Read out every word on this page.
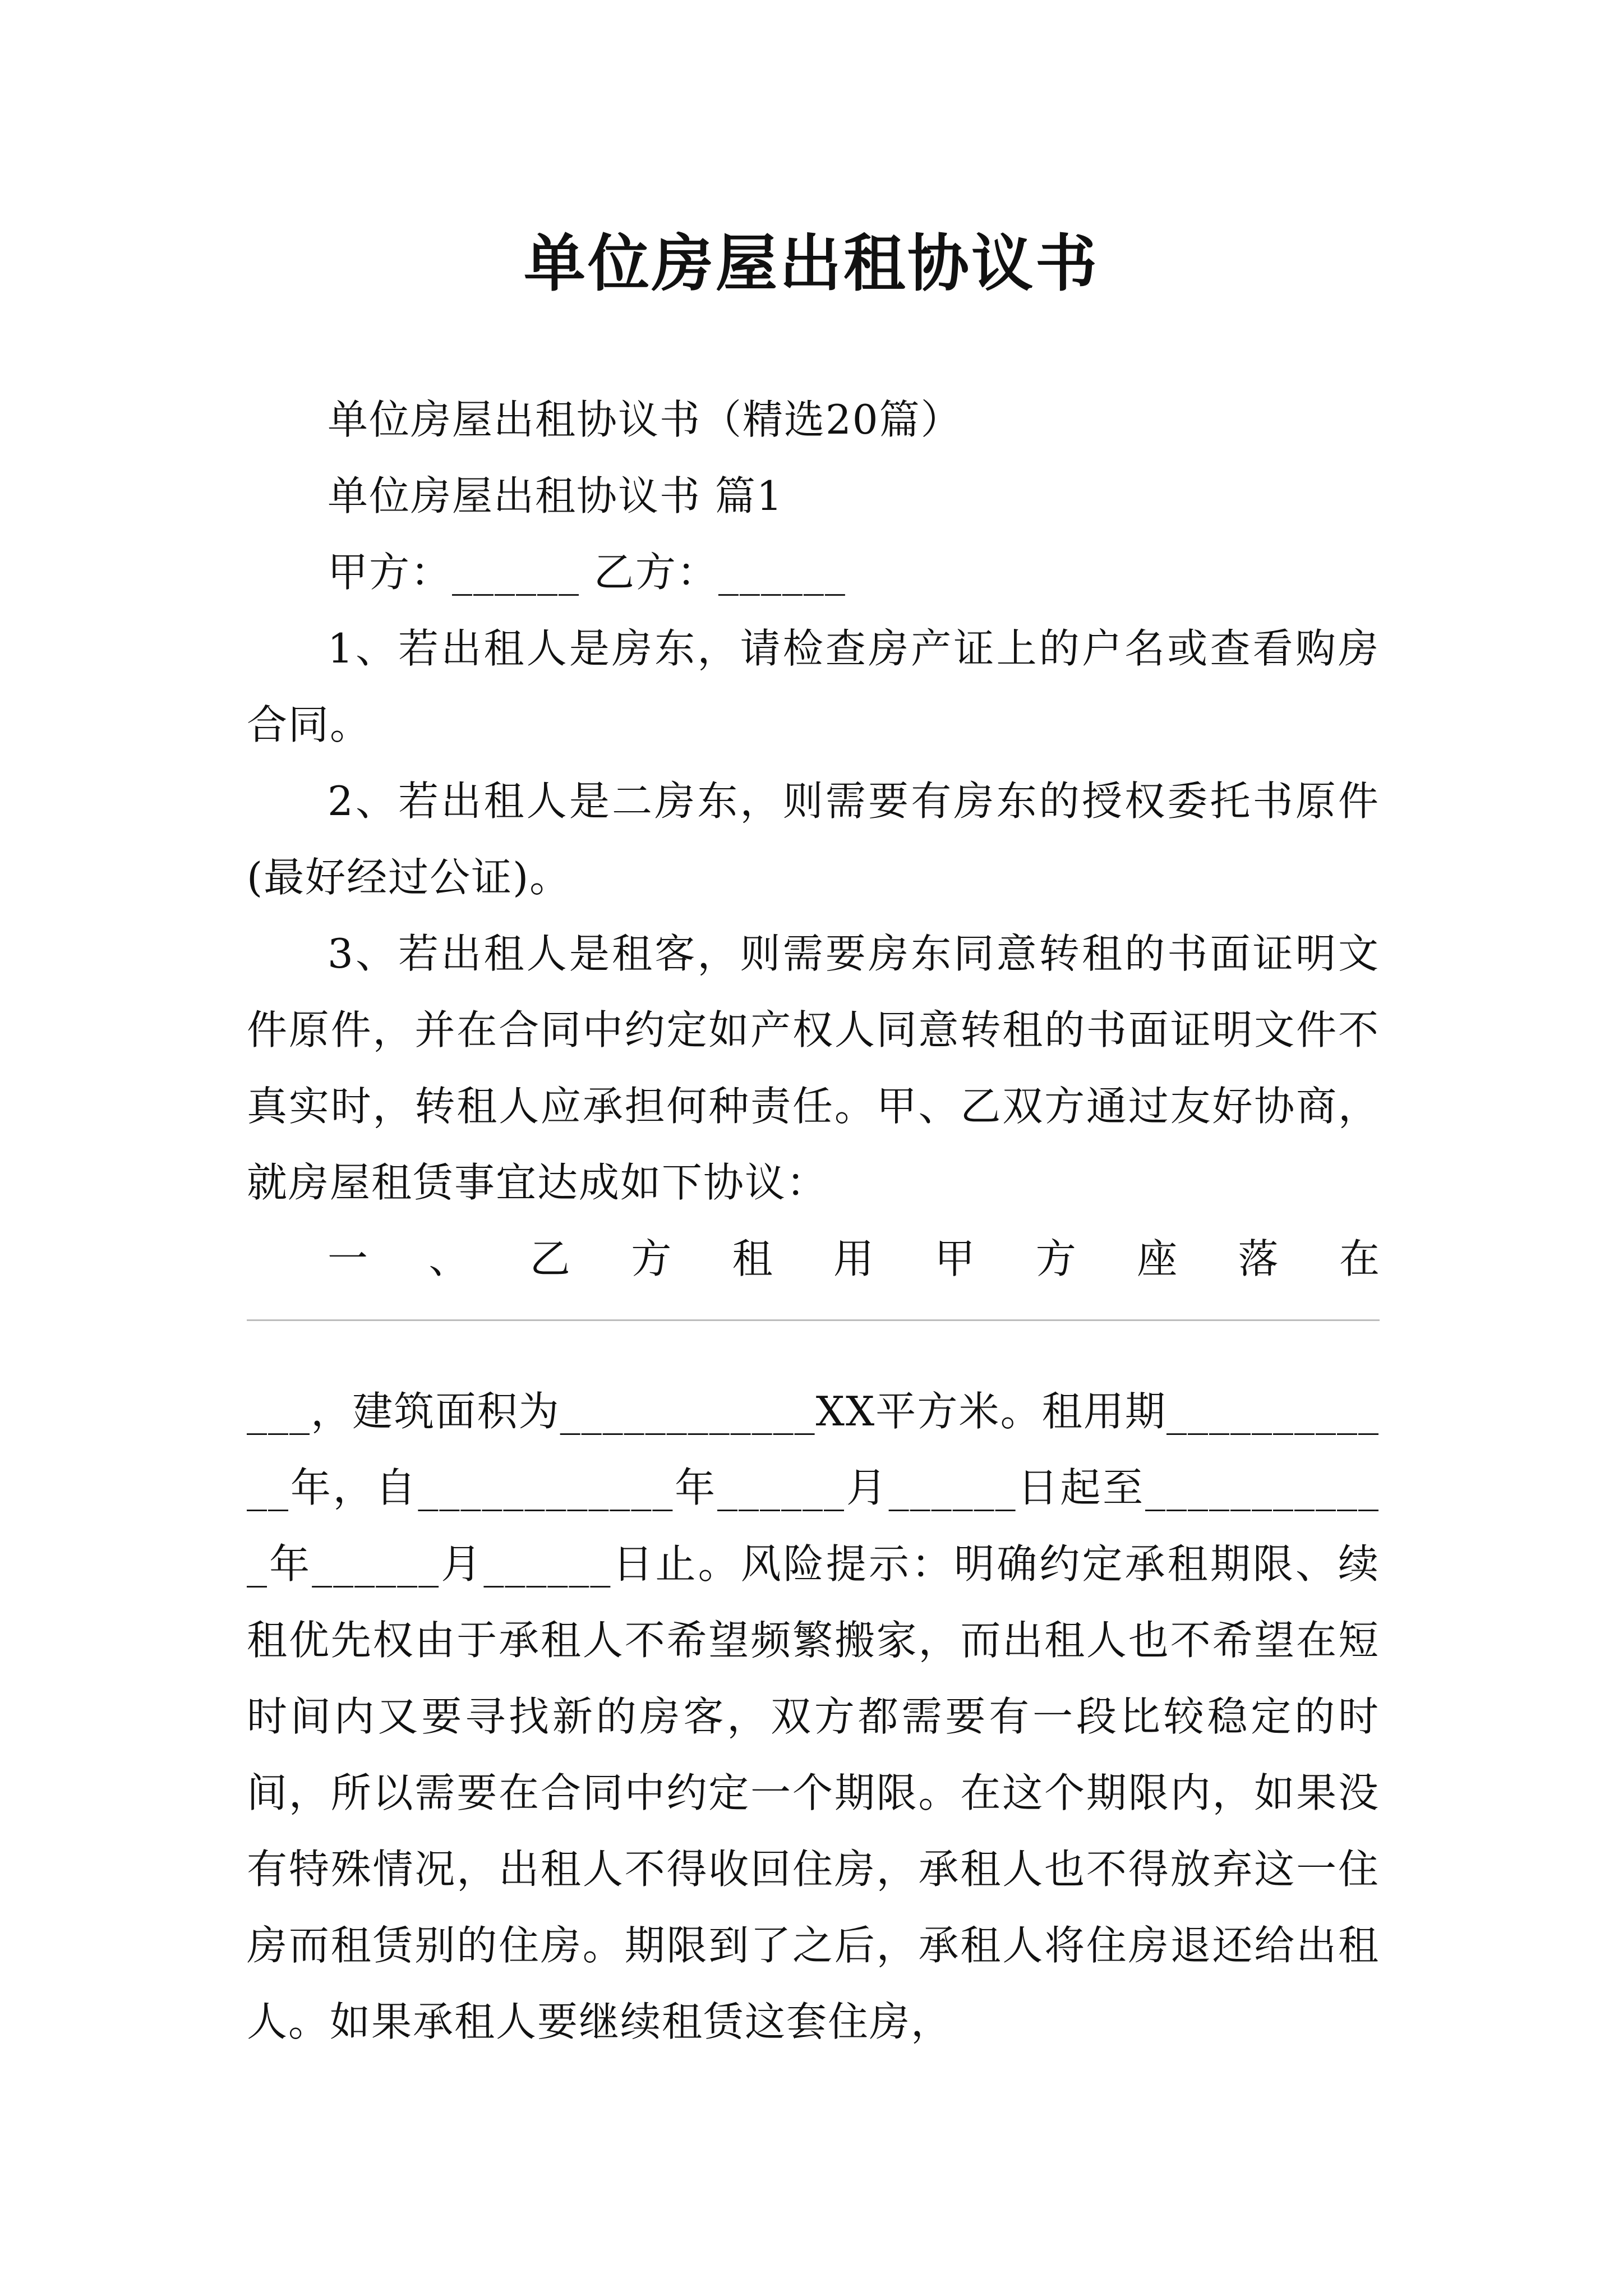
单位房屋出租协议书

单位房屋出租协议书（精选20篇）

单位房屋出租协议书 篇1

甲方：______ 乙方：______

1、若出租人是房东，请检查房产证上的户名或查看购房合同。

2、若出租人是二房东，则需要有房东的授权委托书原件(最好经过公证)。

3、若出租人是租客，则需要房东同意转租的书面证明文件原件，并在合同中约定如产权人同意转租的书面证明文件不真实时，转租人应承担何种责任。甲、乙双方通过友好协商，就房屋租赁事宜达成如下协议：

一、乙方租用甲方座落在

___，建筑面积为____________XX平方米。租用期____________年，自____________年______月______日起至____________年______月______日止。风险提示：明确约定承租期限、续租优先权由于承租人不希望频繁搬家，而出租人也不希望在短时间内又要寻找新的房客，双方都需要有一段比较稳定的时间，所以需要在合同中约定一个期限。在这个期限内，如果没有特殊情况，出租人不得收回住房，承租人也不得放弃这一住房而租赁别的住房。期限到了之后，承租人将住房退还给出租人。如果承租人要继续租赁这套住房，
